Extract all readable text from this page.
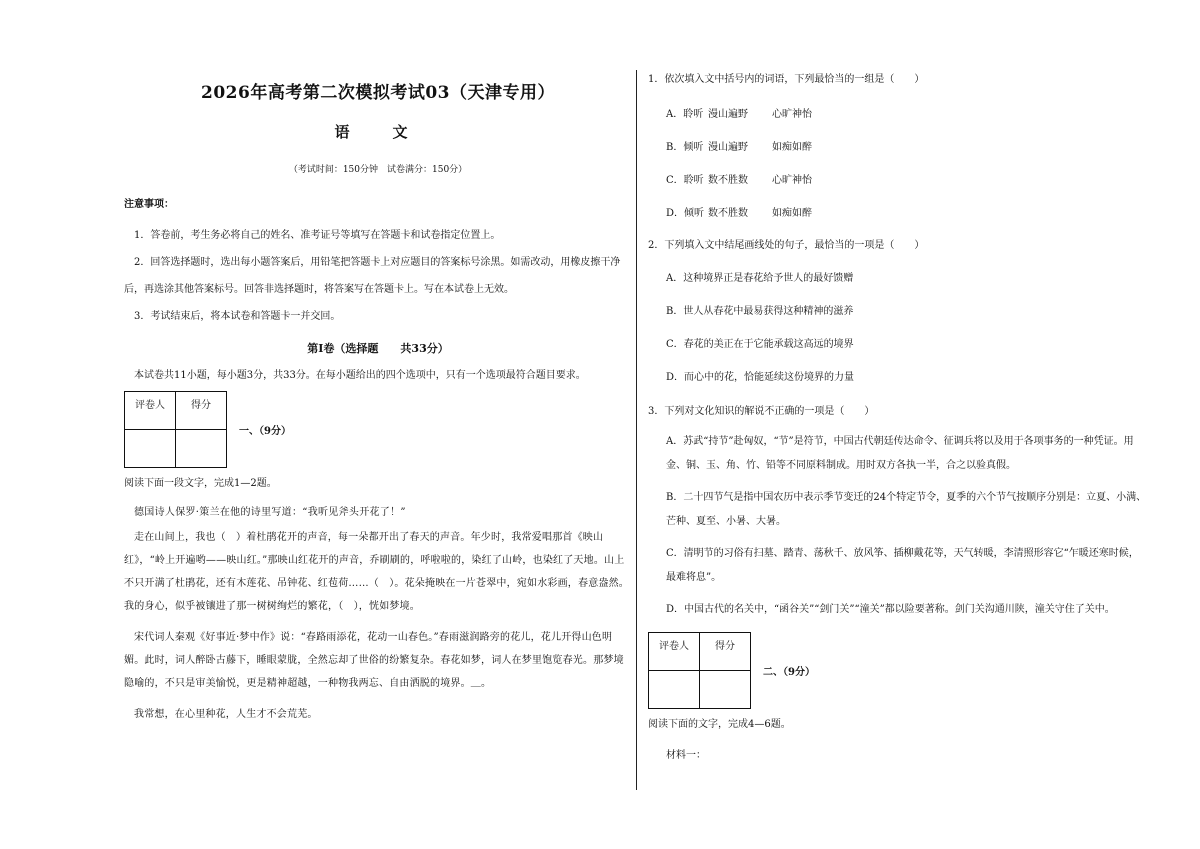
2026年高考第二次模拟考试03（天津专用）
语　文
（考试时间：150分钟　试卷满分：150分）
注意事项：
1．答卷前，考生务必将自己的姓名、准考证号等填写在答题卡和试卷指定位置上。
2．回答选择题时，选出每小题答案后，用铅笔把答题卡上对应题目的答案标号涂黑。如需改动，用橡皮擦干净后，再选涂其他答案标号。回答非选择题时，将答案写在答题卡上。写在本试卷上无效。
3．考试结束后，将本试卷和答题卡一并交回。
第Ⅰ卷（选择题　　共33分）
本试卷共11小题，每小题3分，共33分。在每小题给出的四个选项中，只有一个选项最符合题目要求。
评卷人	得分

一、（9分）
阅读下面一段文字，完成1—2题。
德国诗人保罗·策兰在他的诗里写道：“我听见斧头开花了！”
走在山间上，我也（　）着杜鹃花开的声音，每一朵都开出了春天的声音。年少时，我常爱唱那首《映山红》，“岭上开遍哟——映山红。”那映山红花开的声音，乔刷刷的，呼啦啦的，染红了山岭，也染红了天地。山上不只开满了杜鹃花，还有木莲花、吊钟花、红苞荷……（　）。花朵掩映在一片苍翠中，宛如水彩画，春意盎然。我的身心，似乎被镶进了那一树树绚烂的繁花，（　），恍如梦境。
宋代词人秦观《好事近·梦中作》说：“春路雨添花，花动一山春色。”春雨滋润路旁的花儿，花儿开得山色明媚。此时，词人醉卧古藤下，睡眼蒙胧，全然忘却了世俗的纷繁复杂。春花如梦，词人在梦里饱览春光。那梦境隐喻的，不只是审美愉悦，更是精神超越，一种物我两忘、自由洒脱的境界。＿。
我常想，在心里种花，人生才不会荒芜。
1．依次填入文中括号内的词语，下列最恰当的一组是（　　）
A．聆听 漫山遍野	心旷神怡
B．倾听 漫山遍野	如痴如醉
C．聆听 数不胜数	心旷神怡
D．倾听 数不胜数	如痴如醉
2．下列填入文中结尾画线处的句子，最恰当的一项是（　　）
A．这种境界正是春花给予世人的最好馈赠
B．世人从春花中最易获得这种精神的滋养
C．春花的美正在于它能承载这高远的境界
D．而心中的花，恰能延续这份境界的力量
3．下列对文化知识的解说不正确的一项是（　　）
A．苏武“持节”赴匈奴，“节”是符节，中国古代朝廷传达命令、征调兵将以及用于各项事务的一种凭证。用金、铜、玉、角、竹、铅等不同原料制成。用时双方各执一半，合之以验真假。
B．二十四节气是指中国农历中表示季节变迁的24个特定节令，夏季的六个节气按顺序分别是：立夏、小满、芒种、夏至、小暑、大暑。
C．清明节的习俗有扫墓、踏青、荡秋千、放风筝、插柳戴花等，天气转暖，李清照形容它“乍暖还寒时候，最难将息”。
D．中国古代的名关中，“函谷关”“剑门关”“潼关”都以险要著称。剑门关沟通川陕，潼关守住了关中。
评卷人	得分

二、（9分）
阅读下面的文字，完成4—6题。
材料一：
